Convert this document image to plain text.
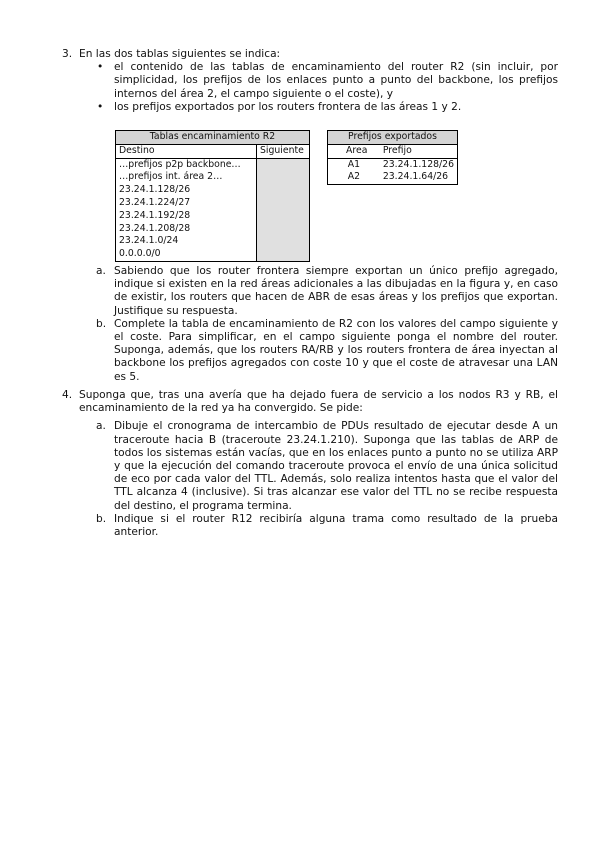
3. En las dos tablas siguientes se indica:
• el contenido de las tablas de encaminamiento del router R2 (sin incluir, por simplicidad, los prefijos de los enlaces punto a punto del backbone, los prefijos internos del área 2, el campo siguiente o el coste), y
• los prefijos exportados por los routers frontera de las áreas 1 y 2.
Tablas encaminamiento R2	
Destino	Siguiente
…prefijos p2p backbone…	
…prefijos int. área 2…	
23.24.1.128/26	
23.24.1.224/27	
23.24.1.192/28	
23.24.1.208/28	
23.24.1.0/24	
0.0.0.0/0	
Prefijos exportados	
Area	Prefijo
A1	23.24.1.128/26
A2	23.24.1.64/26
a. Sabiendo que los router frontera siempre exportan un único prefijo agregado, indique si existen en la red áreas adicionales a las dibujadas en la figura y, en caso de existir, los routers que hacen de ABR de esas áreas y los prefijos que exportan. Justifique su respuesta.
b. Complete la tabla de encaminamiento de R2 con los valores del campo siguiente y el coste. Para simplificar, en el campo siguiente ponga el nombre del router. Suponga, además, que los routers RA/RB y los routers frontera de área inyectan al backbone los prefijos agregados con coste 10 y que el coste de atravesar una LAN es 5.
4. Suponga que, tras una avería que ha dejado fuera de servicio a los nodos R3 y RB, el encaminamiento de la red ya ha convergido. Se pide:
a. Dibuje el cronograma de intercambio de PDUs resultado de ejecutar desde A un traceroute hacia B (traceroute 23.24.1.210). Suponga que las tablas de ARP de todos los sistemas están vacías, que en los enlaces punto a punto no se utiliza ARP y que la ejecución del comando traceroute provoca el envío de una única solicitud de eco por cada valor del TTL. Además, solo realiza intentos hasta que el valor del TTL alcanza 4 (inclusive). Si tras alcanzar ese valor del TTL no se recibe respuesta del destino, el programa termina.
b. Indique si el router R12 recibiría alguna trama como resultado de la prueba anterior.
